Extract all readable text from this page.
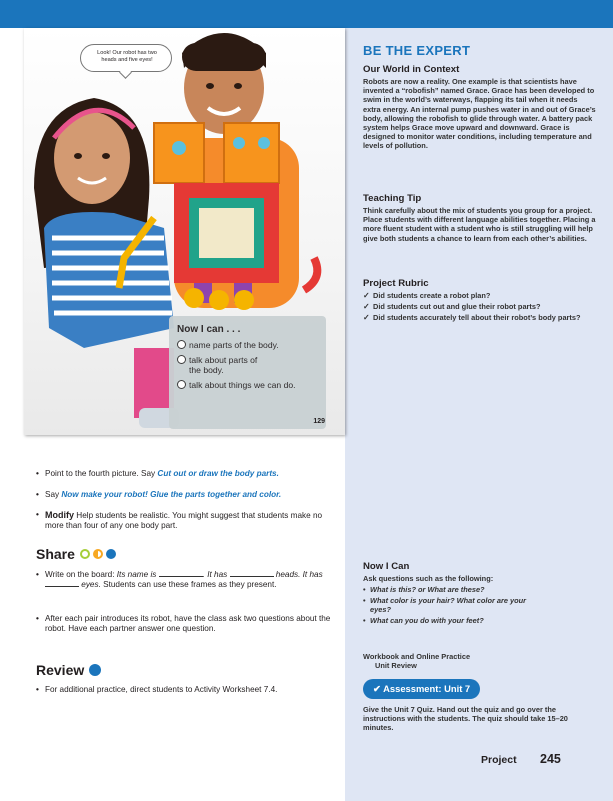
Look! Our robot has two heads and five eyes!
Now I can . . .
name parts of the body.
talk about parts of the body.
talk about things we can do.
129
BE THE EXPERT
Our World in Context
Robots are now a reality. One example is that scientists have invented a “robofish” named Grace. Grace has been developed to swim in the world’s waterways, flapping its tail when it needs extra energy. An internal pump pushes water in and out of Grace’s body, allowing the robofish to glide through water. A battery pack system helps Grace move upward and downward. Grace is designed to monitor water conditions, including temperature and levels of pollution.
Teaching Tip
Think carefully about the mix of students you group for a project. Place students with different language abilities together. Placing a more fluent student with a student who is still struggling will help give both students a chance to learn from each other’s abilities.
Project Rubric
✓ Did students create a robot plan?
✓ Did students cut out and glue their robot parts?
✓ Did students accurately tell about their robot’s body parts?
Now I Can
Ask questions such as the following:
• What is this? or What are these?
• What color is your hair? What color are your eyes?
• What can you do with your feet?
Workbook and Online Practice
Unit Review
✔ Assessment: Unit 7
Give the Unit 7 Quiz. Hand out the quiz and go over the instructions with the students. The quiz should take 15–20 minutes.
Project 245
• Point to the fourth picture. Say Cut out or draw the body parts.
• Say Now make your robot! Glue the parts together and color.
• Modify Help students be realistic. You might suggest that students make no more than four of any one body part.
Share
• Write on the board: Its name is	. It has	heads. It has  eyes. Students can use these frames as they present.
• After each pair introduces its robot, have the class ask two questions about the robot. Have each partner answer one question.
Review
• For additional practice, direct students to Activity Worksheet 7.4.
